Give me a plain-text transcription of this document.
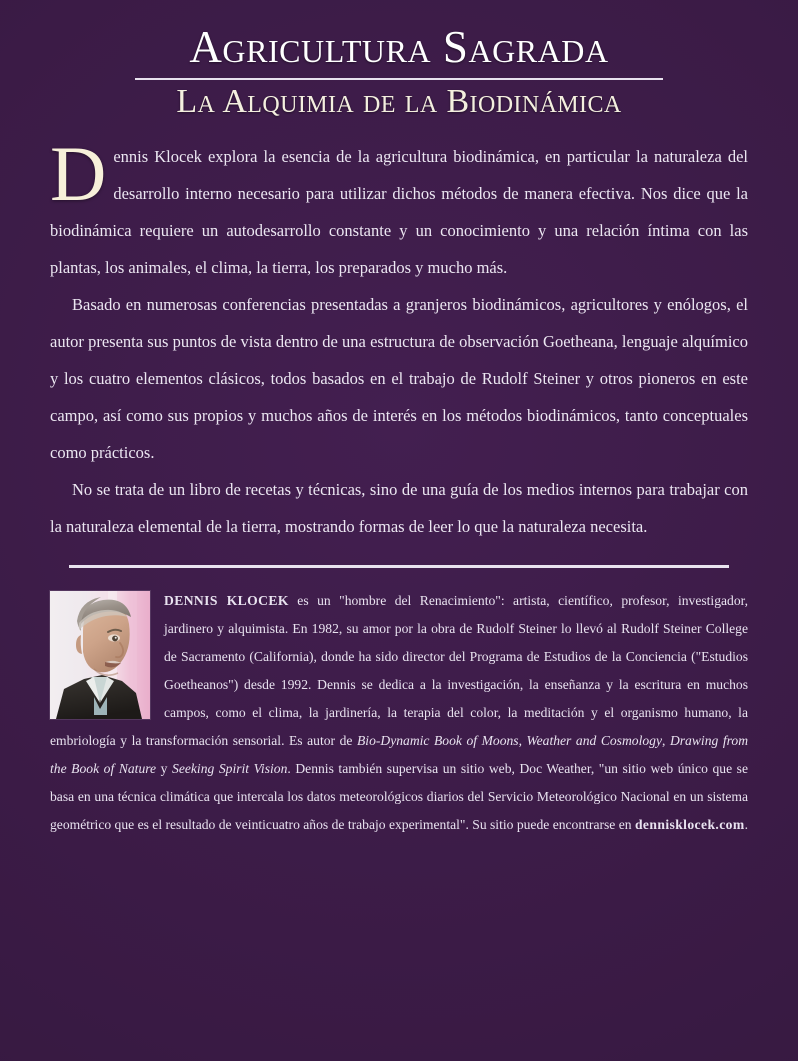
Agricultura Sagrada
La Alquimia de la Biodinámica

Dennis Klocek explora la esencia de la agricultura biodinámica, en particular la naturaleza del desarrollo interno necesario para utilizar dichos métodos de manera efectiva. Nos dice que la biodinámica requiere un autodesarrollo constante y un conocimiento y una relación íntima con las plantas, los animales, el clima, la tierra, los preparados y mucho más.

Basado en numerosas conferencias presentadas a granjeros biodinámicos, agricultores y enólogos, el autor presenta sus puntos de vista dentro de una estructura de observación Goetheana, lenguaje alquímico y los cuatro elementos clásicos, todos basados en el trabajo de Rudolf Steiner y otros pioneros en este campo, así como sus propios y muchos años de interés en los métodos biodinámicos, tanto conceptuales como prácticos.

No se trata de un libro de recetas y técnicas, sino de una guía de los medios internos para trabajar con la naturaleza elemental de la tierra, mostrando formas de leer lo que la naturaleza necesita.

DENNIS KLOCEK es un "hombre del Renacimiento": artista, científico, profesor, investigador, jardinero y alquimista. En 1982, su amor por la obra de Rudolf Steiner lo llevó al Rudolf Steiner College de Sacramento (California), donde ha sido director del Programa de Estudios de la Conciencia ("Estudios Goetheanos") desde 1992. Dennis se dedica a la investigación, la enseñanza y la escritura en muchos campos, como el clima, la jardinería, la terapia del color, la meditación y el organismo humano, la embriología y la transformación sensorial. Es autor de Bio-Dynamic Book of Moons, Weather and Cosmology, Drawing from the Book of Nature y Seeking Spirit Vision. Dennis también supervisa un sitio web, Doc Weather, "un sitio web único que se basa en una técnica climática que intercala los datos meteorológicos diarios del Servicio Meteorológico Nacional en un sistema geométrico que es el resultado de veinticuatro años de trabajo experimental". Su sitio puede encontrarse en dennisklocek.com.
